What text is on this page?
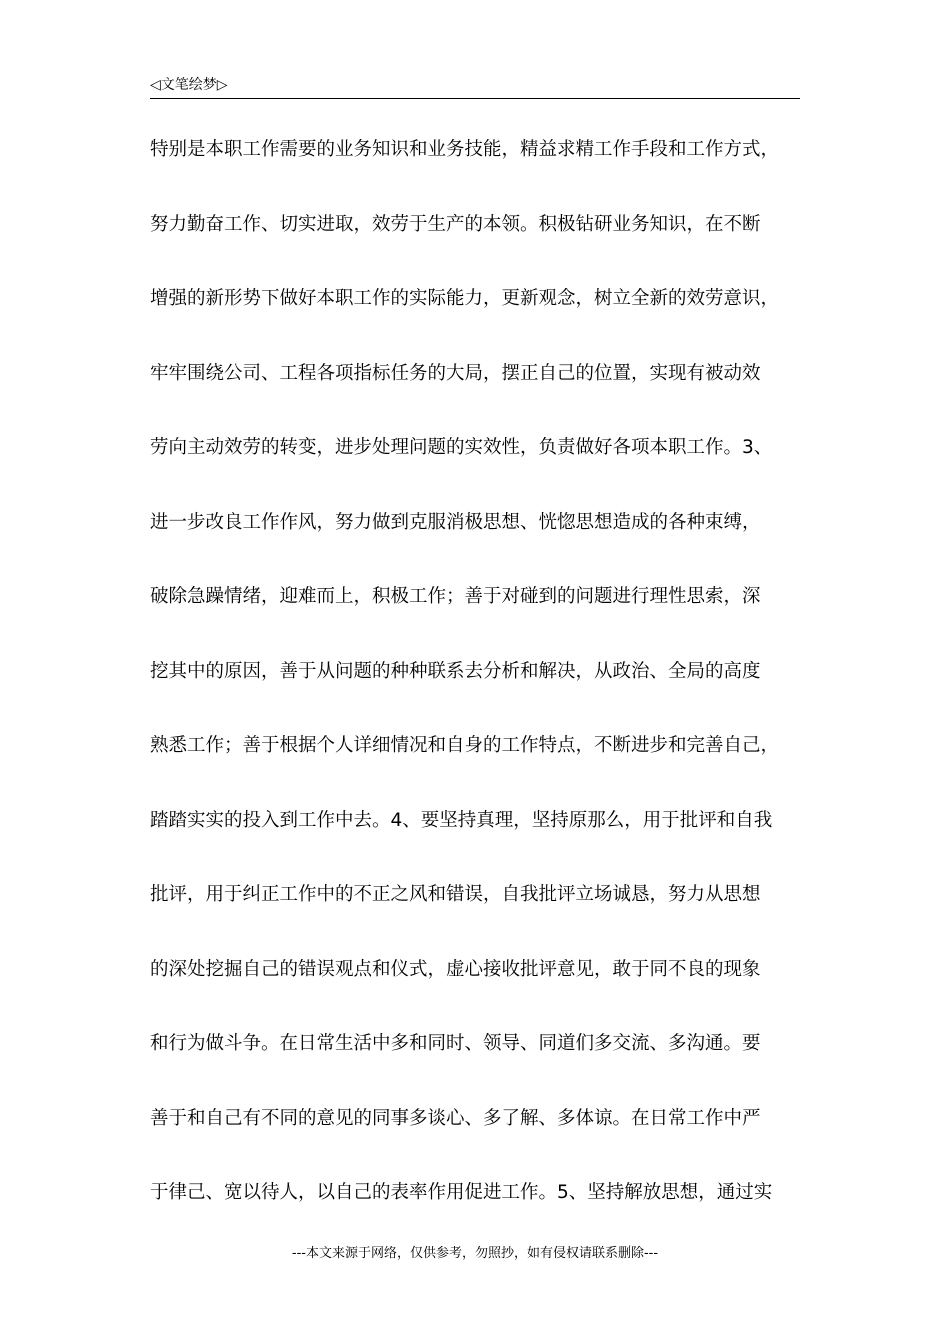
◁文笔绘梦▷
特别是本职工作需要的业务知识和业务技能，精益求精工作手段和工作方式，
努力勤奋工作、切实进取，效劳于生产的本领。积极钻研业务知识，在不断
增强的新形势下做好本职工作的实际能力，更新观念，树立全新的效劳意识，
牢牢围绕公司、工程各项指标任务的大局，摆正自己的位置，实现有被动效
劳向主动效劳的转变，进步处理问题的实效性，负责做好各项本职工作。3、
进一步改良工作作风，努力做到克服消极思想、恍惚思想造成的各种束缚，
破除急躁情绪，迎难而上，积极工作；善于对碰到的问题进行理性思索，深
挖其中的原因，善于从问题的种种联系去分析和解决，从政治、全局的高度
熟悉工作；善于根据个人详细情况和自身的工作特点，不断进步和完善自己，
踏踏实实的投入到工作中去。4、要坚持真理，坚持原那么，用于批评和自我
批评，用于纠正工作中的不正之风和错误，自我批评立场诚恳，努力从思想
的深处挖掘自己的错误观点和仪式，虚心接收批评意见，敢于同不良的现象
和行为做斗争。在日常生活中多和同时、领导、同道们多交流、多沟通。要
善于和自己有不同的意见的同事多谈心、多了解、多体谅。在日常工作中严
于律己、宽以待人，以自己的表率作用促进工作。5、坚持解放思想，通过实
---本文来源于网络，仅供参考，勿照抄，如有侵权请联系删除---
